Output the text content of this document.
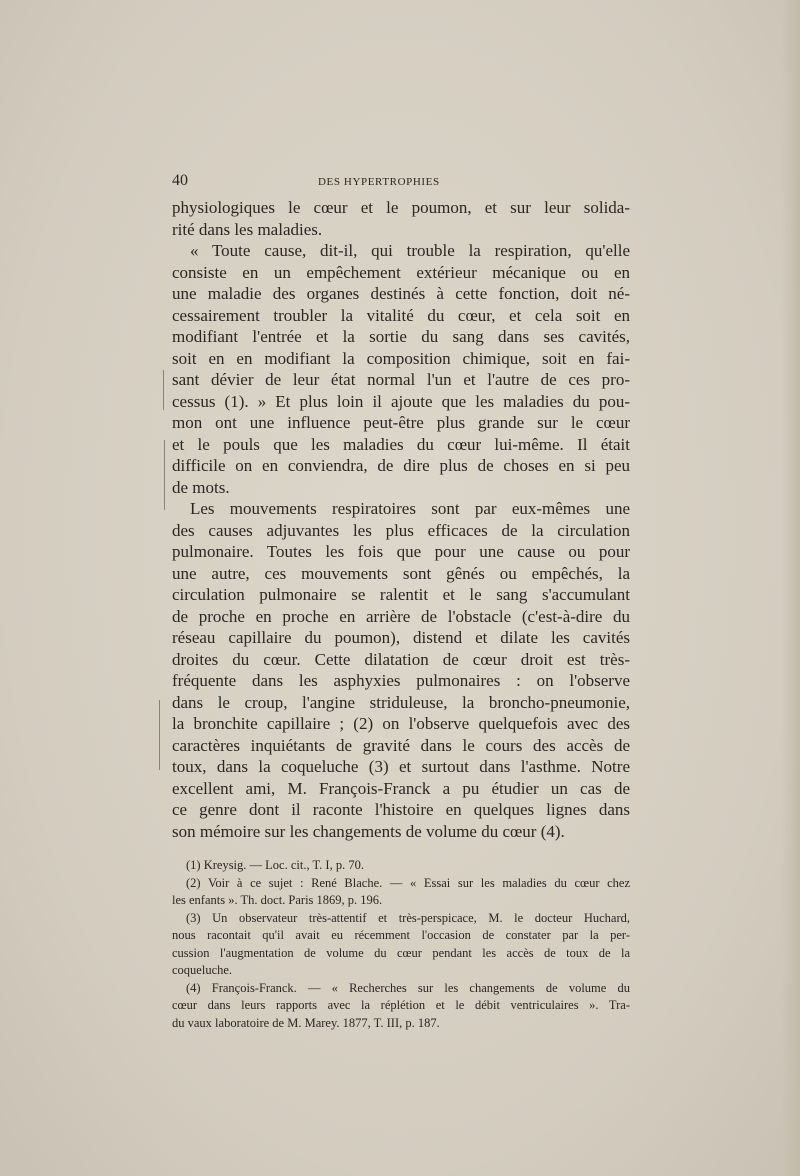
40	DES HYPERTROPHIES
physiologiques le cœur et le poumon, et sur leur solida-
rité dans les maladies.
« Toute cause, dit-il, qui trouble la respiration, qu'elle
consiste en un empêchement extérieur mécanique ou en
une maladie des organes destinés à cette fonction, doit né-
cessairement troubler la vitalité du cœur, et cela soit en
modifiant l'entrée et la sortie du sang dans ses cavités,
soit en en modifiant la composition chimique, soit en fai-
sant dévier de leur état normal l'un et l'autre de ces pro-
cessus (1). » Et plus loin il ajoute que les maladies du pou-
mon ont une influence peut-être plus grande sur le cœur
et le pouls que les maladies du cœur lui-même. Il était
difficile on en conviendra, de dire plus de choses en si peu
de mots.
Les mouvements respiratoires sont par eux-mêmes une
des causes adjuvantes les plus efficaces de la circulation
pulmonaire. Toutes les fois que pour une cause ou pour
une autre, ces mouvements sont gênés ou empêchés, la
circulation pulmonaire se ralentit et le sang s'accumulant
de proche en proche en arrière de l'obstacle (c'est-à-dire du
réseau capillaire du poumon), distend et dilate les cavités
droites du cœur. Cette dilatation de cœur droit est très-
fréquente dans les asphyxies pulmonaires : on l'observe
dans le croup, l'angine striduleuse, la broncho-pneumonie,
la bronchite capillaire ; (2) on l'observe quelquefois avec des
caractères inquiétants de gravité dans le cours des accès de
toux, dans la coqueluche (3) et surtout dans l'asthme. Notre
excellent ami, M. François-Franck a pu étudier un cas de
ce genre dont il raconte l'histoire en quelques lignes dans
son mémoire sur les changements de volume du cœur (4).
(1) Kreysig. — Loc. cit., T. I, p. 70.
(2) Voir à ce sujet : René Blache. — « Essai sur les maladies du cœur chez
les enfants ». Th. doct. Paris 1869, p. 196.
(3) Un observateur très-attentif et très-perspicace, M. le docteur Huchard,
nous racontait qu'il avait eu récemment l'occasion de constater par la per-
cussion l'augmentation de volume du cœur pendant les accès de toux de la
coqueluche.
(4) François-Franck. — « Recherches sur les changements de volume du
cœur dans leurs rapports avec la réplétion et le débit ventriculaires ». Tra-
du vaux laboratoire de M. Marey. 1877, T. III, p. 187.
